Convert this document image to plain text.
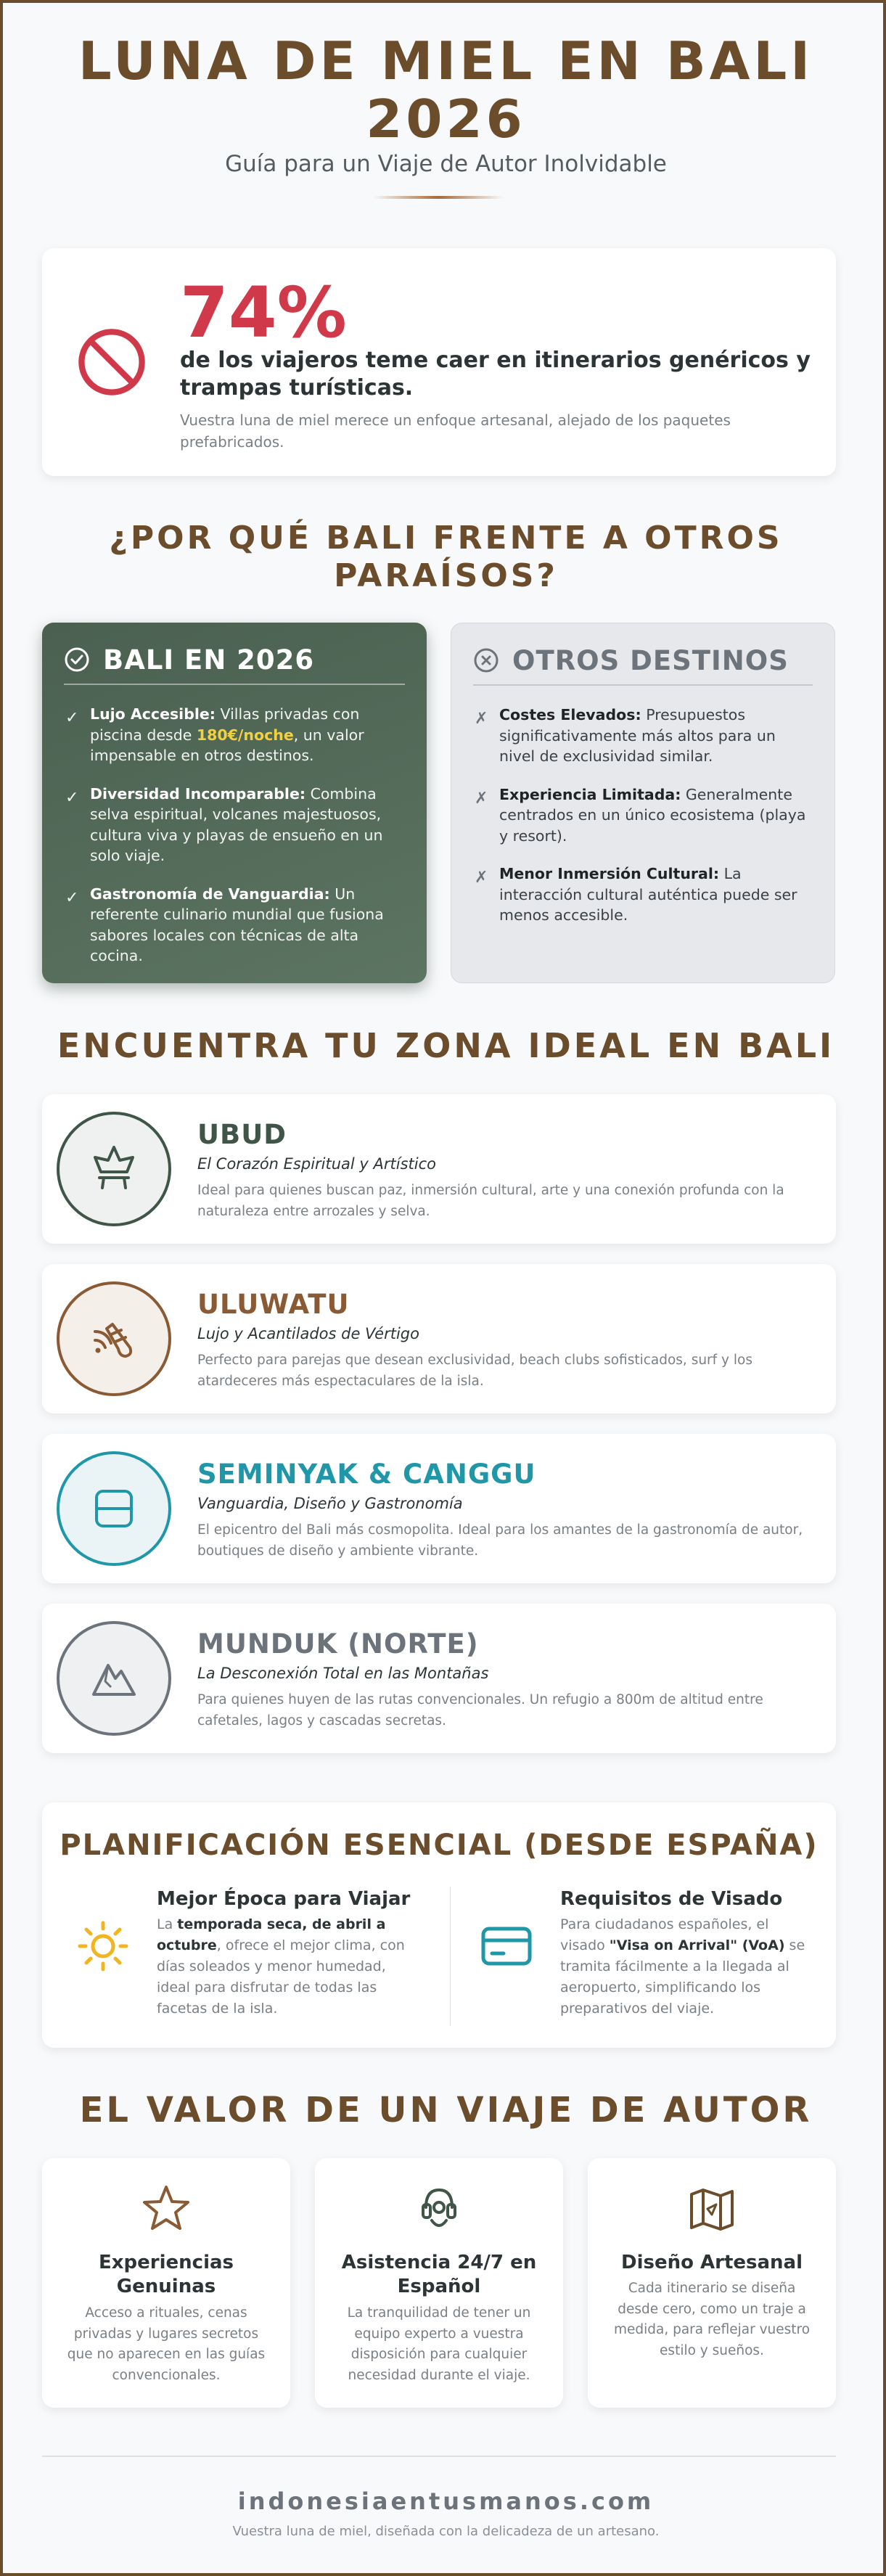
LUNA DE MIEL EN BALI 2026
Guía para un Viaje de Autor Inolvidable
74%
de los viajeros teme caer en itinerarios genéricos y trampas turísticas.
Vuestra luna de miel merece un enfoque artesanal, alejado de los paquetes prefabricados.
¿POR QUÉ BALI FRENTE A OTROS PARAÍSOS?
BALI EN 2026
✓ Lujo Accesible: Villas privadas con piscina desde 180€/noche, un valor impensable en otros destinos.
✓ Diversidad Incomparable: Combina selva espiritual, volcanes majestuosos, cultura viva y playas de ensueño en un solo viaje.
✓ Gastronomía de Vanguardia: Un referente culinario mundial que fusiona sabores locales con técnicas de alta cocina.
OTROS DESTINOS
✗ Costes Elevados: Presupuestos significativamente más altos para un nivel de exclusividad similar.
✗ Experiencia Limitada: Generalmente centrados en un único ecosistema (playa y resort).
✗ Menor Inmersión Cultural: La interacción cultural auténtica puede ser menos accesible.
ENCUENTRA TU ZONA IDEAL EN BALI
UBUD
El Corazón Espiritual y Artístico
Ideal para quienes buscan paz, inmersión cultural, arte y una conexión profunda con la naturaleza entre arrozales y selva.
ULUWATU
Lujo y Acantilados de Vértigo
Perfecto para parejas que desean exclusividad, beach clubs sofisticados, surf y los atardeceres más espectaculares de la isla.
SEMINYAK & CANGGU
Vanguardia, Diseño y Gastronomía
El epicentro del Bali más cosmopolita. Ideal para los amantes de la gastronomía de autor, boutiques de diseño y ambiente vibrante.
MUNDUK (NORTE)
La Desconexión Total en las Montañas
Para quienes huyen de las rutas convencionales. Un refugio a 800m de altitud entre cafetales, lagos y cascadas secretas.
PLANIFICACIÓN ESENCIAL (DESDE ESPAÑA)
Mejor Época para Viajar
La temporada seca, de abril a octubre, ofrece el mejor clima, con días soleados y menor humedad, ideal para disfrutar de todas las facetas de la isla.
Requisitos de Visado
Para ciudadanos españoles, el visado "Visa on Arrival" (VoA) se tramita fácilmente a la llegada al aeropuerto, simplificando los preparativos del viaje.
EL VALOR DE UN VIAJE DE AUTOR
Experiencias Genuinas
Acceso a rituales, cenas privadas y lugares secretos que no aparecen en las guías convencionales.
Asistencia 24/7 en Español
La tranquilidad de tener un equipo experto a vuestra disposición para cualquier necesidad durante el viaje.
Diseño Artesanal
Cada itinerario se diseña desde cero, como un traje a medida, para reflejar vuestro estilo y sueños.
indonesiaentusmanos.com
Vuestra luna de miel, diseñada con la delicadeza de un artesano.
